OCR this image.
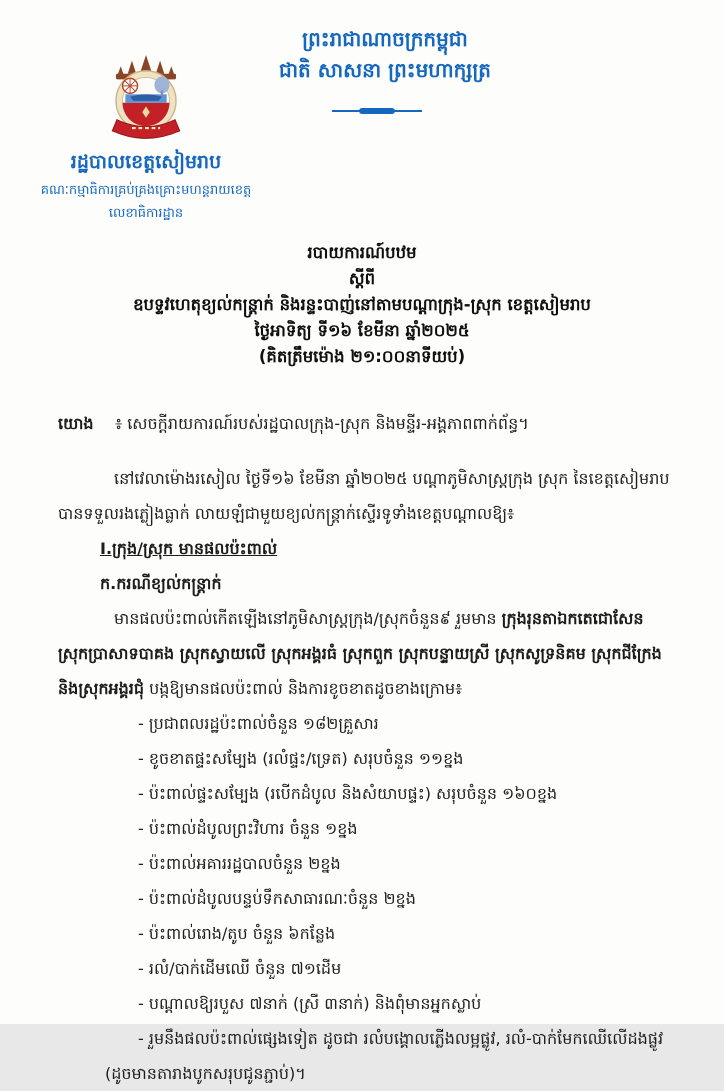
ព្រះរាជាណាចក្រកម្ពុជា
ជាតិ សាសនា ព្រះមហាក្សត្រ
រដ្ឋបាលខេត្តសៀមរាប
គណៈកម្មាធិការគ្រប់គ្រងគ្រោះមហន្តរាយខេត្ត
លេខាធិការដ្ឋាន
របាយការណ៍បឋម
ស្តីពី
ឧបទ្ទវហេតុខ្យល់កន្ត្រាក់ និងរន្ទះបាញ់នៅតាមបណ្តាក្រុង-ស្រុក ខេត្តសៀមរាប
ថ្ងៃអាទិត្យ ទី១៦ ខែមីនា ឆ្នាំ២០២៥
(គិតត្រឹមម៉ោង ២១:០០នាទីយប់)
យោង ៖ សេចក្តីរាយការណ៍របស់រដ្ឋបាលក្រុង-ស្រុក និងមន្ទីរ-អង្គភាពពាក់ព័ន្ធ។
នៅវេលាម៉ោងរសៀល ថ្ងៃទី១៦ ខែមីនា ឆ្នាំ២០២៥ បណ្តាភូមិសាស្ត្រក្រុង ស្រុក នៃខេត្តសៀមរាប បានទទួលរងភ្លៀងធ្លាក់ លាយឡំជាមួយខ្យល់កន្ត្រាក់ស្ទើរទូទាំងខេត្តបណ្តាលឱ្យ៖
I.ក្រុង/ស្រុក មានផលប៉ះពាល់
ក.ករណីខ្យល់កន្ត្រាក់
មានផលប៉ះពាល់កើតឡើងនៅភូមិសាស្ត្រក្រុង/ស្រុកចំនួន៩ រួមមាន ក្រុងរុនតាឯកតេជោសែន ស្រុកប្រាសាទបាគង ស្រុកស្វាយលើ ស្រុកអង្គរធំ ស្រុកពួក ស្រុកបន្ទាយស្រី ស្រុកសូទ្រនិគម ស្រុកជីក្រែង និងស្រុកអង្គរជុំ បង្កឱ្យមានផលប៉ះពាល់ និងការខូចខាតដូចខាងក្រោម៖
- ប្រជាពលរដ្ឋប៉ះពាល់ចំនួន ១៨២គ្រួសារ
- ខូចខាតផ្ទះសម្បែង (រលំផ្ទះ/ទ្រេត) សរុបចំនួន ១១ខ្នង
- ប៉ះពាល់ផ្ទះសម្បែង (របើកដំបូល និងសំយាបផ្ទះ) សរុបចំនួន ១៦០ខ្នង
- ប៉ះពាល់ដំបូលព្រះវិហារ ចំនួន ១ខ្នង
- ប៉ះពាល់អគាររដ្ឋបាលចំនួន ២ខ្នង
- ប៉ះពាល់ដំបូលបន្ទប់ទឹកសាធារណៈចំនួន ២ខ្នង
- ប៉ះពាល់រោង/តូប ចំនួន ៦កន្លែង
- រលំ/បាក់ដើមឈើ ចំនួន ៧១ដើម
- បណ្តាលឱ្យរបួស ៧នាក់ (ស្រី ៣នាក់) និងពុំមានអ្នកស្លាប់
- រួមនឹងផលប៉ះពាល់ផ្សេងទៀត ដូចជា រលំបង្គោលភ្លើងលម្អផ្លូវ, រលំ-បាក់មែកឈើលើដងផ្លូវ (ដូចមានតារាងបូកសរុបជូនភ្ជាប់)។
